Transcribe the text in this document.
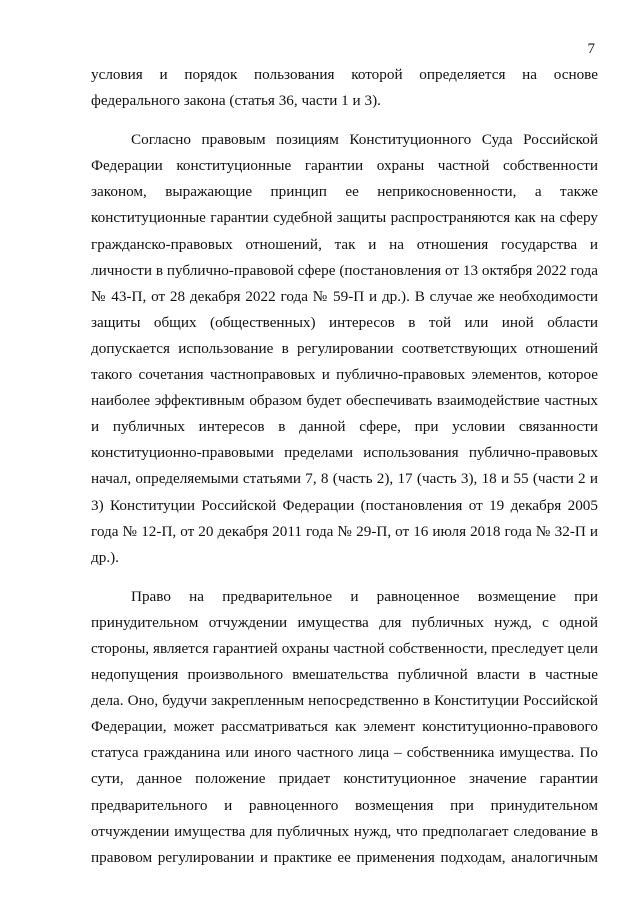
7

условия и порядок пользования которой определяется на основе федерального закона (статья 36, части 1 и 3).

Согласно правовым позициям Конституционного Суда Российской Федерации конституционные гарантии охраны частной собственности законом, выражающие принцип ее неприкосновенности, а также конституционные гарантии судебной защиты распространяются как на сферу гражданско-правовых отношений, так и на отношения государства и личности в публично-правовой сфере (постановления от 13 октября 2022 года № 43-П, от 28 декабря 2022 года № 59-П и др.). В случае же необходимости защиты общих (общественных) интересов в той или иной области допускается использование в регулировании соответствующих отношений такого сочетания частноправовых и публично-правовых элементов, которое наиболее эффективным образом будет обеспечивать взаимодействие частных и публичных интересов в данной сфере, при условии связанности конституционно-правовыми пределами использования публично-правовых начал, определяемыми статьями 7, 8 (часть 2), 17 (часть 3), 18 и 55 (части 2 и 3) Конституции Российской Федерации (постановления от 19 декабря 2005 года № 12-П, от 20 декабря 2011 года № 29-П, от 16 июля 2018 года № 32-П и др.).

Право на предварительное и равноценное возмещение при принудительном отчуждении имущества для публичных нужд, с одной стороны, является гарантией охраны частной собственности, преследует цели недопущения произвольного вмешательства публичной власти в частные дела. Оно, будучи закрепленным непосредственно в Конституции Российской Федерации, может рассматриваться как элемент конституционно-правового статуса гражданина или иного частного лица – собственника имущества. По сути, данное положение придает конституционное значение гарантии предварительного и равноценного возмещения при принудительном отчуждении имущества для публичных нужд, что предполагает следование в правовом регулировании и практике ее применения подходам, аналогичным
